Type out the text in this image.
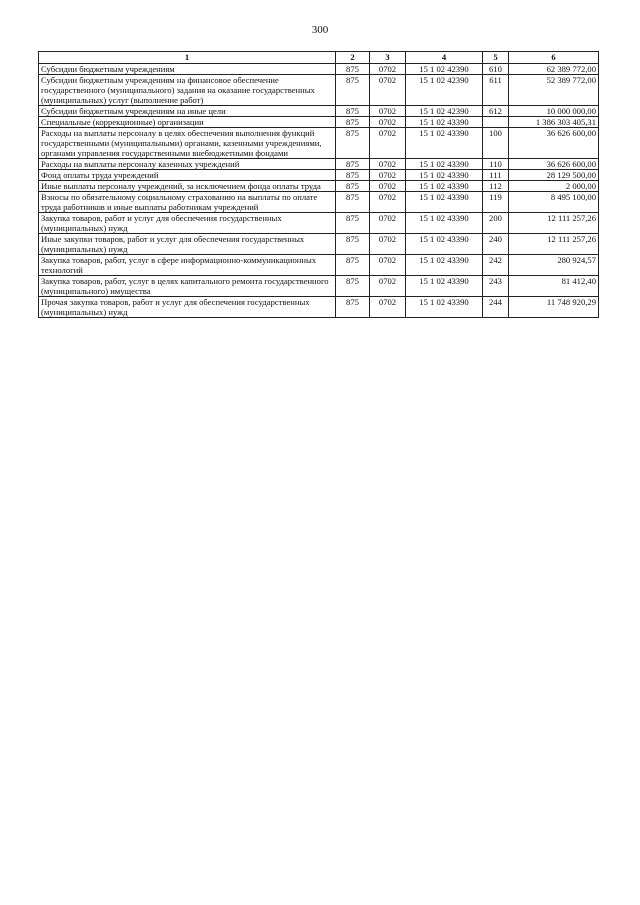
300
1	2	3	4	5	6
Субсидии бюджетным учреждениям	875	0702	15 1 02 42390	610	62 389 772,00
Субсидии бюджетным учреждениям на финансовое обеспечение государственного (муниципального) задания на оказание государственных (муниципальных) услуг (выполнение работ)	875	0702	15 1 02 42390	611	52 389 772,00
Субсидии бюджетным учреждениям на иные цели	875	0702	15 1 02 42390	612	10 000 000,00
Специальные (коррекционные) организации	875	0702	15 1 02 43390		1 386 303 405,31
Расходы на выплаты персоналу в целях обеспечения выполнения функций государственными (муниципальными) органами, казенными учреждениями, органами управления государственными внебюджетными фондами	875	0702	15 1 02 43390	100	36 626 600,00
Расходы на выплаты персоналу казенных учреждений	875	0702	15 1 02 43390	110	36 626 600,00
Фонд оплаты труда учреждений	875	0702	15 1 02 43390	111	28 129 500,00
Иные выплаты персоналу учреждений, за исключением фонда оплаты труда	875	0702	15 1 02 43390	112	2 000,00
Взносы по обязательному социальному страхованию на выплаты по оплате труда работников и иные выплаты работникам учреждений	875	0702	15 1 02 43390	119	8 495 100,00
Закупка товаров, работ и услуг для обеспечения государственных (муниципальных) нужд	875	0702	15 1 02 43390	200	12 111 257,26
Иные закупки товаров, работ и услуг для обеспечения государственных (муниципальных) нужд	875	0702	15 1 02 43390	240	12 111 257,26
Закупка товаров, работ, услуг в сфере информационно-коммуникационных технологий	875	0702	15 1 02 43390	242	280 924,57
Закупка товаров, работ, услуг в целях капитального ремонта государственного (муниципального) имущества	875	0702	15 1 02 43390	243	81 412,40
Прочая закупка товаров, работ и услуг для обеспечения государственных (муниципальных) нужд	875	0702	15 1 02 43390	244	11 748 920,29
